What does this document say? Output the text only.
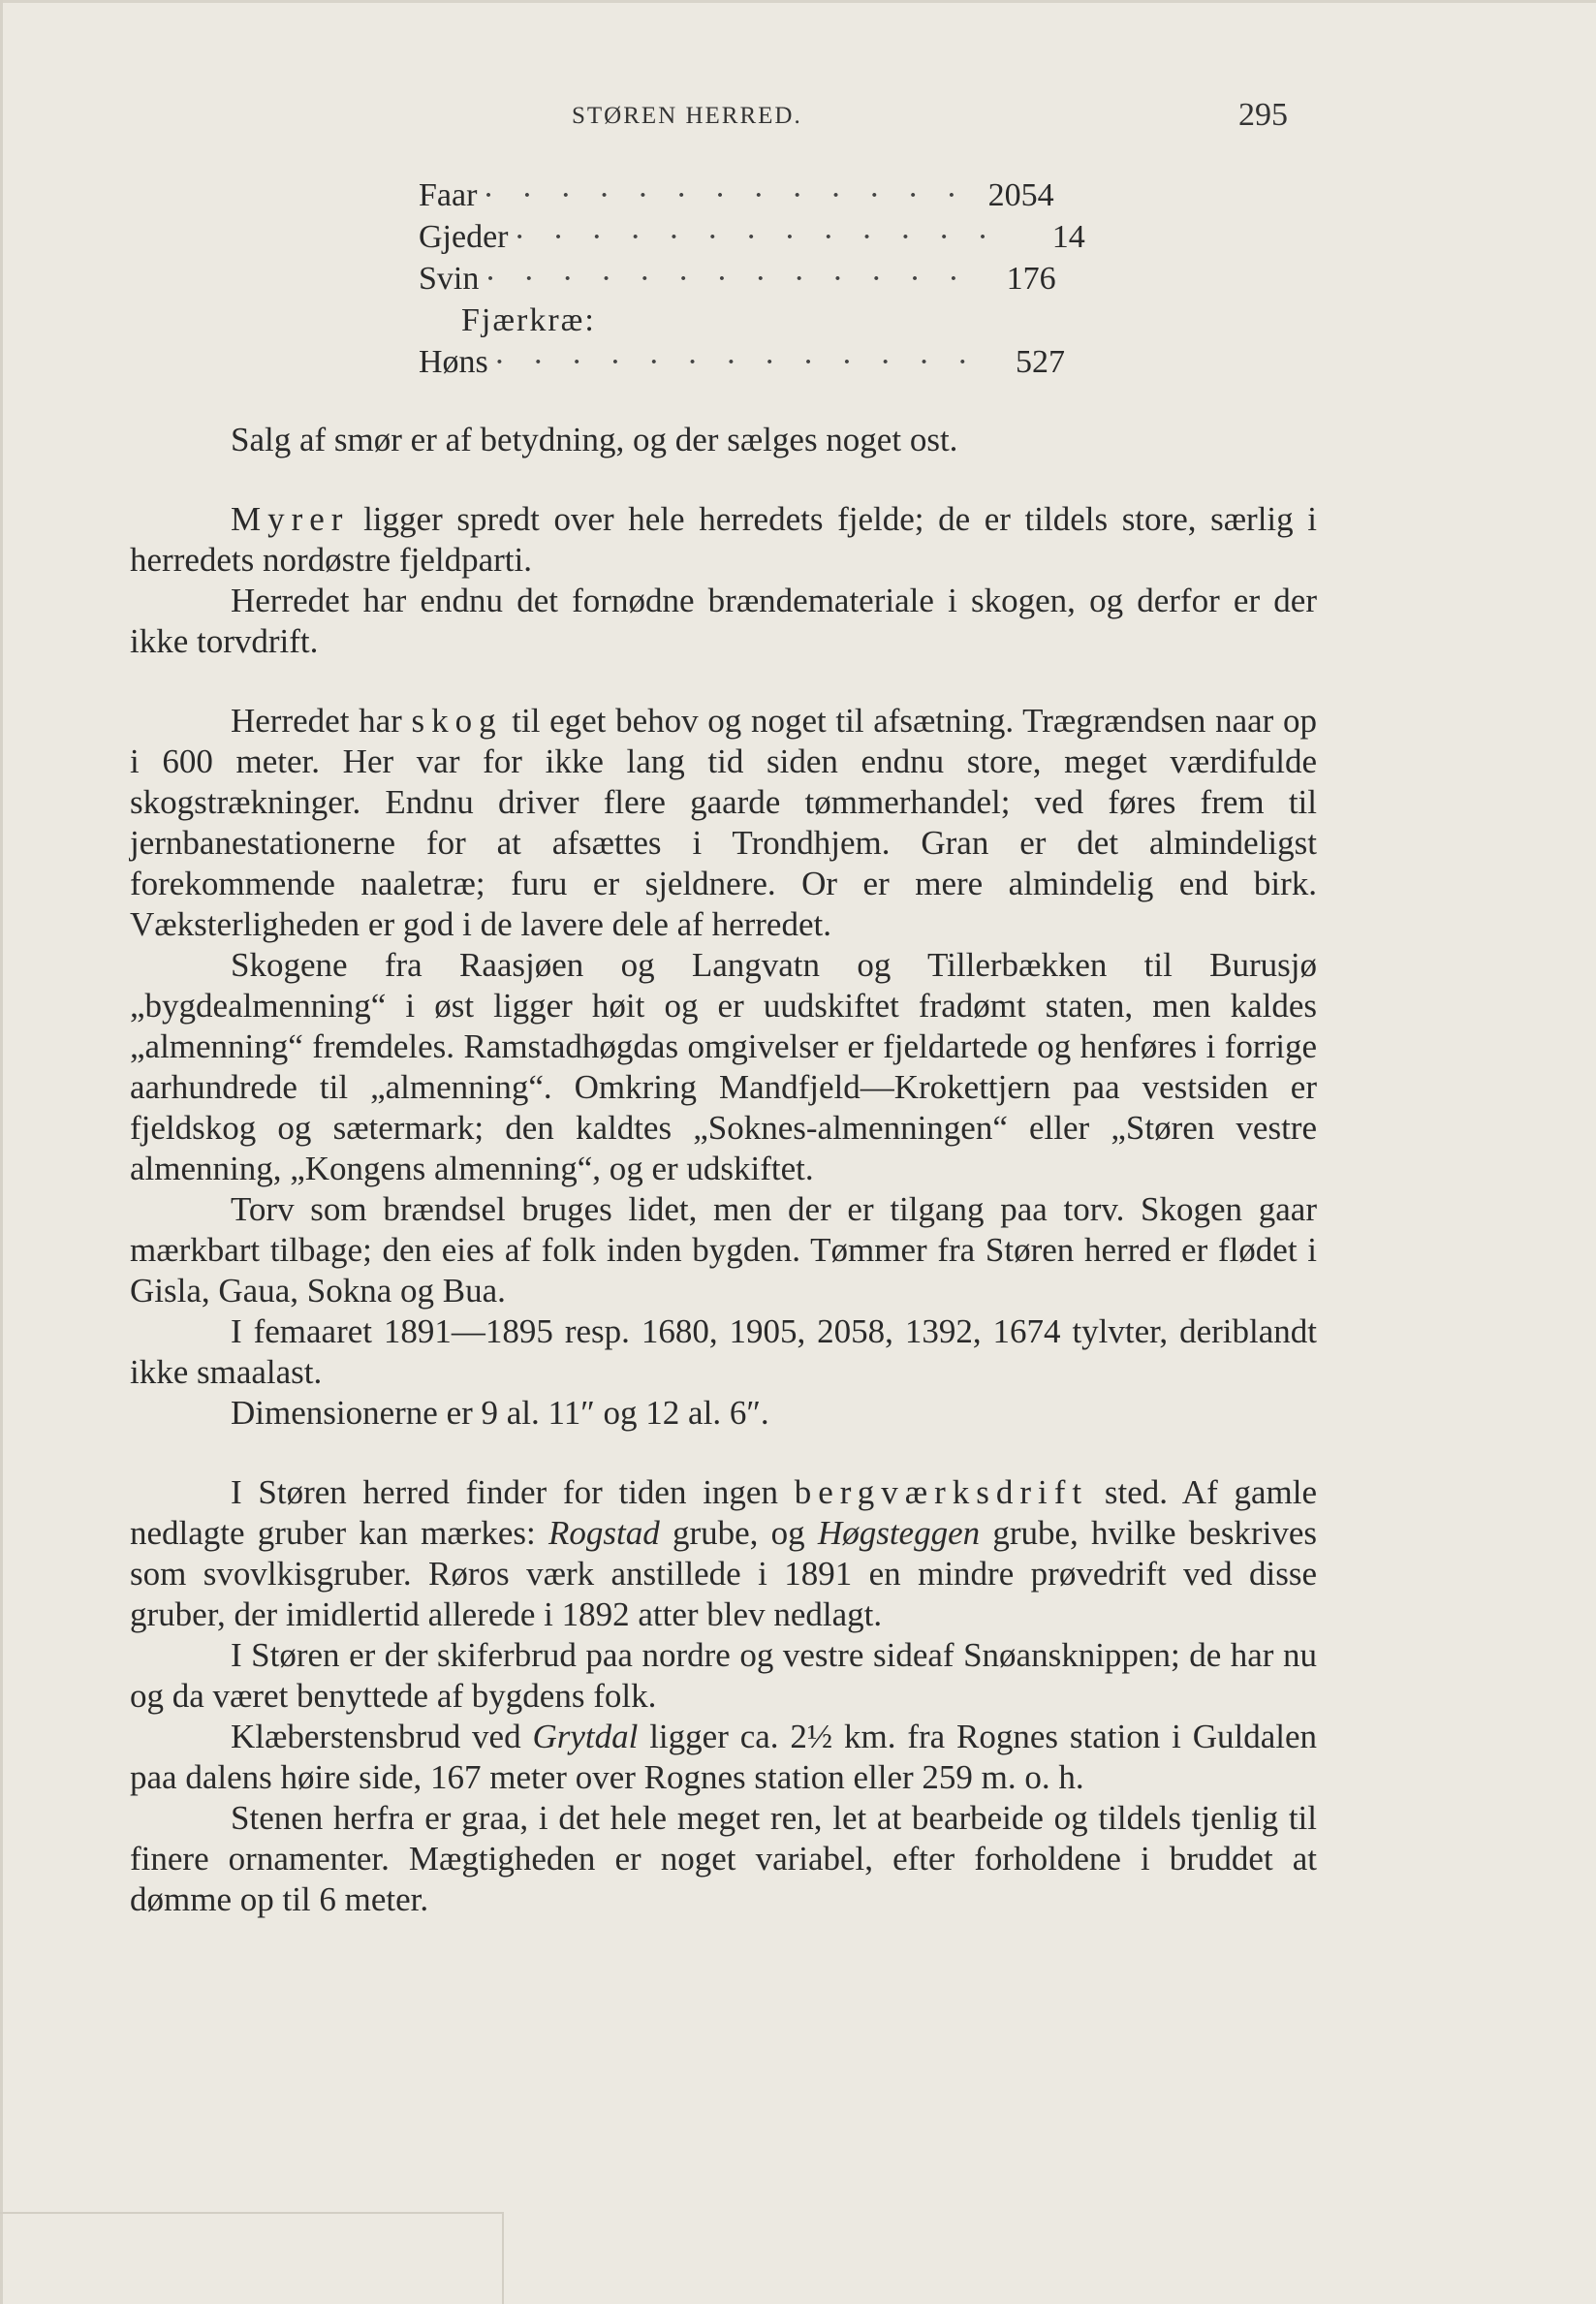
STØREN HERRED.	295
Faar · · · · · · · · · · · · · 2054
Gjeder · · · · · · · · · · · · ·	14
Svin · · · · · · · · · · · · ·	176
Fjærkræ:
Høns · · · · · · · · · · · · ·	527

Salg af smør er af betydning, og der sælges noget ost.

Myrer ligger spredt over hele herredets fjelde; de er tildels store, særlig i herredets nordøstre fjeldparti.

Herredet har endnu det fornødne brændemateriale i skogen, og derfor er der ikke torvdrift.

Herredet har skog til eget behov og noget til afsætning. Trægrændsen naar op i 600 meter. Her var for ikke lang tid siden endnu store, meget værdifulde skogstrækninger. Endnu driver flere gaarde tømmerhandel; ved føres frem til jernbanestationerne for at afsættes i Trondhjem. Gran er det almindeligst forekommende naaletræ; furu er sjeldnere. Or er mere almindelig end birk. Væksterligheden er god i de lavere dele af herredet.

Skogene fra Raasjøen og Langvatn og Tillerbækken til Burusjø „bygdealmenning“ i øst ligger høit og er uudskiftet fradømt staten, men kaldes „almenning“ fremdeles. Ramstadhøgdas omgivelser er fjeldartede og henføres i forrige aarhundrede til „almenning“. Omkring Mandfjeld—Krokettjern paa vestsiden er fjeldskog og sætermark; den kaldtes „Soknes-almenningen“ eller „Støren vestre almenning, „Kongens almenning“, og er udskiftet.

Torv som brændsel bruges lidet, men der er tilgang paa torv. Skogen gaar mærkbart tilbage; den eies af folk inden bygden. Tømmer fra Støren herred er flødet i Gisla, Gaua, Sokna og Bua.

I femaaret 1891—1895 resp. 1680, 1905, 2058, 1392, 1674 tylvter, deriblandt ikke smaalast.

Dimensionerne er 9 al. 11″ og 12 al. 6″.

I Støren herred finder for tiden ingen bergværksdrift sted. Af gamle nedlagte gruber kan mærkes: Rogstad grube, og Høgsteggen grube, hvilke beskrives som svovlkisgruber. Røros værk anstillede i 1891 en mindre prøvedrift ved disse gruber, der imidlertid allerede i 1892 atter blev nedlagt.

I Støren er der skiferbrud paa nordre og vestre sideaf Snøansknippen; de har nu og da været benyttede af bygdens folk.

Klæberstensbrud ved Grytdal ligger ca. 2½ km. fra Rognes station i Guldalen paa dalens høire side, 167 meter over Rognes station eller 259 m. o. h.

Stenen herfra er graa, i det hele meget ren, let at bearbeide og tildels tjenlig til finere ornamenter. Mægtigheden er noget variabel, efter forholdene i bruddet at dømme op til 6 meter.
